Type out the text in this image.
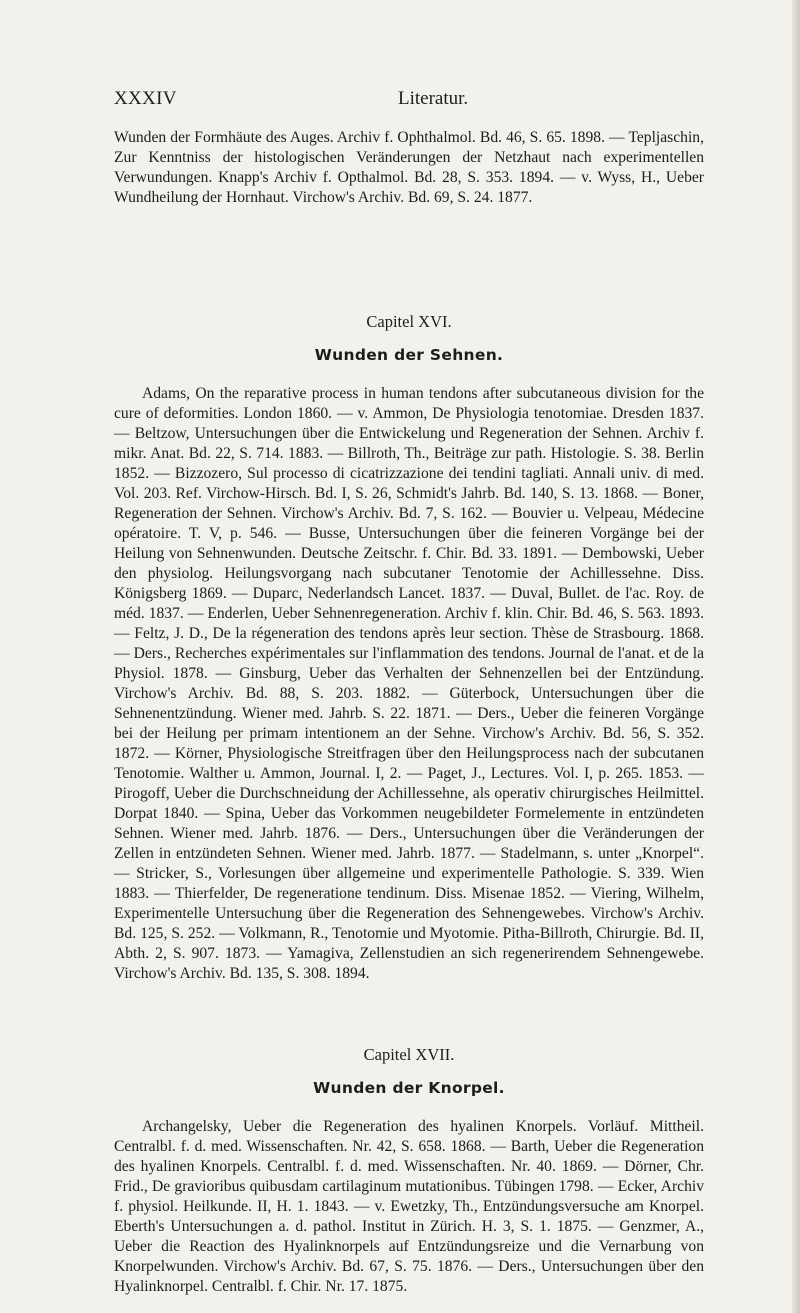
XXXIV	Literatur.

Wunden der Formhäute des Auges. Archiv f. Ophthalmol. Bd. 46, S. 65. 1898. — Tepljaschin, Zur Kenntniss der histologischen Veränderungen der Netzhaut nach experimentellen Verwundungen. Knapp's Archiv f. Opthalmol. Bd. 28, S. 353. 1894. — v. Wyss, H., Ueber Wundheilung der Hornhaut. Virchow's Archiv. Bd. 69, S. 24. 1877.

Capitel XVI.
Wunden der Sehnen.

Adams, On the reparative process in human tendons after subcutaneous division for the cure of deformities. London 1860. — v. Ammon, De Physiologia tenotomiae. Dresden 1837. — Beltzow, Untersuchungen über die Entwickelung und Regeneration der Sehnen. Archiv f. mikr. Anat. Bd. 22, S. 714. 1883. — Billroth, Th., Beiträge zur path. Histologie. S. 38. Berlin 1852. — Bizzozero, Sul processo di cicatrizzazione dei tendini tagliati. Annali univ. di med. Vol. 203. Ref. Virchow-Hirsch. Bd. I, S. 26, Schmidt's Jahrb. Bd. 140, S. 13. 1868. — Boner, Regeneration der Sehnen. Virchow's Archiv. Bd. 7, S. 162. — Bouvier u. Velpeau, Médecine opératoire. T. V, p. 546. — Busse, Untersuchungen über die feineren Vorgänge bei der Heilung von Sehnenwunden. Deutsche Zeitschr. f. Chir. Bd. 33. 1891. — Dembowski, Ueber den physiolog. Heilungsvorgang nach subcutaner Tenotomie der Achillessehne. Diss. Königsberg 1869. — Duparc, Nederlandsch Lancet. 1837. — Duval, Bullet. de l'ac. Roy. de méd. 1837. — Enderlen, Ueber Sehnenregeneration. Archiv f. klin. Chir. Bd. 46, S. 563. 1893. — Feltz, J. D., De la régeneration des tendons après leur section. Thèse de Strasbourg. 1868. — Ders., Recherches expérimentales sur l'inflammation des tendons. Journal de l'anat. et de la Physiol. 1878. — Ginsburg, Ueber das Verhalten der Sehnenzellen bei der Entzündung. Virchow's Archiv. Bd. 88, S. 203. 1882. — Güterbock, Untersuchungen über die Sehnenentzündung. Wiener med. Jahrb. S. 22. 1871. — Ders., Ueber die feineren Vorgänge bei der Heilung per primam intentionem an der Sehne. Virchow's Archiv. Bd. 56, S. 352. 1872. — Körner, Physiologische Streitfragen über den Heilungsprocess nach der subcutanen Tenotomie. Walther u. Ammon, Journal. I, 2. — Paget, J., Lectures. Vol. I, p. 265. 1853. — Pirogoff, Ueber die Durchschneidung der Achillessehne, als operativ chirurgisches Heilmittel. Dorpat 1840. — Spina, Ueber das Vorkommen neugebildeter Formelemente in entzündeten Sehnen. Wiener med. Jahrb. 1876. — Ders., Untersuchungen über die Veränderungen der Zellen in entzündeten Sehnen. Wiener med. Jahrb. 1877. — Stadelmann, s. unter „Knorpel“. — Stricker, S., Vorlesungen über allgemeine und experimentelle Pathologie. S. 339. Wien 1883. — Thierfelder, De regeneratione tendinum. Diss. Misenae 1852. — Viering, Wilhelm, Experimentelle Untersuchung über die Regeneration des Sehnengewebes. Virchow's Archiv. Bd. 125, S. 252. — Volkmann, R., Tenotomie und Myotomie. Pitha-Billroth, Chirurgie. Bd. II, Abth. 2, S. 907. 1873. — Yamagiva, Zellenstudien an sich regenerirendem Sehnengewebe. Virchow's Archiv. Bd. 135, S. 308. 1894.

Capitel XVII.
Wunden der Knorpel.

Archangelsky, Ueber die Regeneration des hyalinen Knorpels. Vorläuf. Mittheil. Centralbl. f. d. med. Wissenschaften. Nr. 42, S. 658. 1868. — Barth, Ueber die Regeneration des hyalinen Knorpels. Centralbl. f. d. med. Wissenschaften. Nr. 40. 1869. — Dörner, Chr. Frid., De gravioribus quibusdam cartilaginum mutationibus. Tübingen 1798. — Ecker, Archiv f. physiol. Heilkunde. II, H. 1. 1843. — v. Ewetzky, Th., Entzündungsversuche am Knorpel. Eberth's Untersuchungen a. d. pathol. Institut in Zürich. H. 3, S. 1. 1875. — Genzmer, A., Ueber die Reaction des Hyalinknorpels auf Entzündungsreize und die Vernarbung von Knorpelwunden. Virchow's Archiv. Bd. 67, S. 75. 1876. — Ders., Untersuchungen über den Hyalinknorpel. Centralbl. f. Chir. Nr. 17. 1875.
